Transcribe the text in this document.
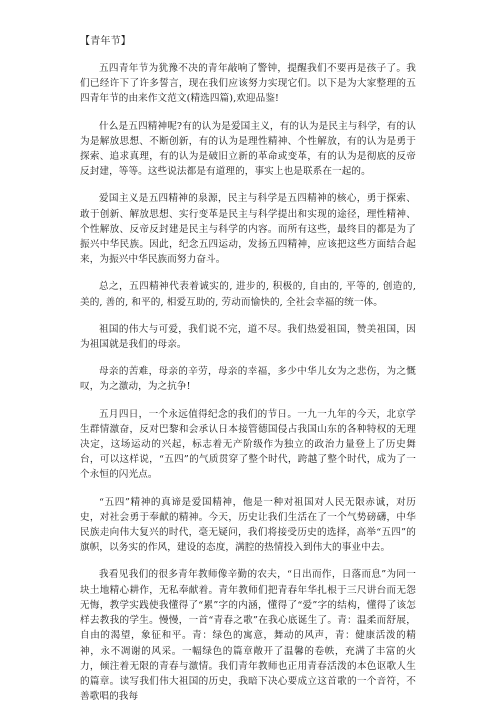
【青年节】

五四青年节为犹豫不决的青年敲响了警钟，提醒我们不要再是孩子了。我们已经许下了许多誓言，现在我们应该努力实现它们。以下是为大家整理的五四青年节的由来作文范文(精选四篇),欢迎品鉴!

什么是五四精神呢?有的认为是爱国主义，有的认为是民主与科学，有的认为是解放思想、不断创新，有的认为是理性精神、个性解放，有的认为是勇于探索、追求真理，有的认为是破旧立新的革命或变革，有的认为是彻底的反帝反封建，等等。这些说法都是有道理的，事实上也是联系在一起的。

爱国主义是五四精神的泉源，民主与科学是五四精神的核心，勇于探索、敢于创新、解放思想、实行变革是民主与科学提出和实现的途径，理性精神、个性解放、反帝反封建是民主与科学的内容。而所有这些，最终目的都是为了振兴中华民族。因此，纪念五四运动，发扬五四精神，应该把这些方面结合起来，为振兴中华民族而努力奋斗。

总之，五四精神代表着诚实的, 进步的, 积极的, 自由的, 平等的, 创造的, 美的, 善的, 和平的, 相爱互助的, 劳动而愉快的, 全社会幸福的统一体。

祖国的伟大与可爱，我们说不完，道不尽。我们热爱祖国，赞美祖国，因为祖国就是我们的母亲。

母亲的苦难，母亲的辛劳，母亲的幸福，多少中华儿女为之悲伤，为之慨叹，为之激动，为之抗争!

五月四日，一个永远值得纪念的我们的节日。一九一九年的今天，北京学生群情激奋，反对巴黎和会承认日本接管德国侵占我国山东的各种特权的无理决定，这场运动的兴起，标志着无产阶级作为独立的政治力量登上了历史舞台，可以这样说，“五四”的气质贯穿了整个时代，跨越了整个时代，成为了一个永恒的闪光点。

“五四”精神的真谛是爱国精神，他是一种对祖国对人民无限赤诚，对历史，对社会勇于奉献的精神。今天，历史让我们生活在了一个气势磅礴，中华民族走向伟大复兴的时代，毫无疑问，我们将接受历史的选择，高举“五四”的旗帜，以务实的作风，建设的态度，满腔的热情投入到伟大的事业中去。

我看见我们的很多青年教师像辛勤的农夫，“日出而作，日落而息”为同一块土地精心耕作，无私奉献着。青年教师们把青春年华扎根于三尺讲台而无怨无悔，教学实践使我懂得了“累”字的内涵，懂得了“爱”字的结构，懂得了该怎样去教我的学生。慢慢，一首“青春之歌”在我心底诞生了。青：温柔而舒展，自由的渴望，象征和平。青：绿色的寓意，舞动的风声，青：健康活泼的精神，永不凋谢的风采。一幅绿色的篇章敞开了温馨的卷帙，充满了丰富的火力，倾注着无限的青春与激情。我们青年教师也正用青春活泼的本色讴歌人生的篇章。读写我们伟大祖国的历史，我暗下决心要成立这首歌的一个音符，不善歌唱的我每
